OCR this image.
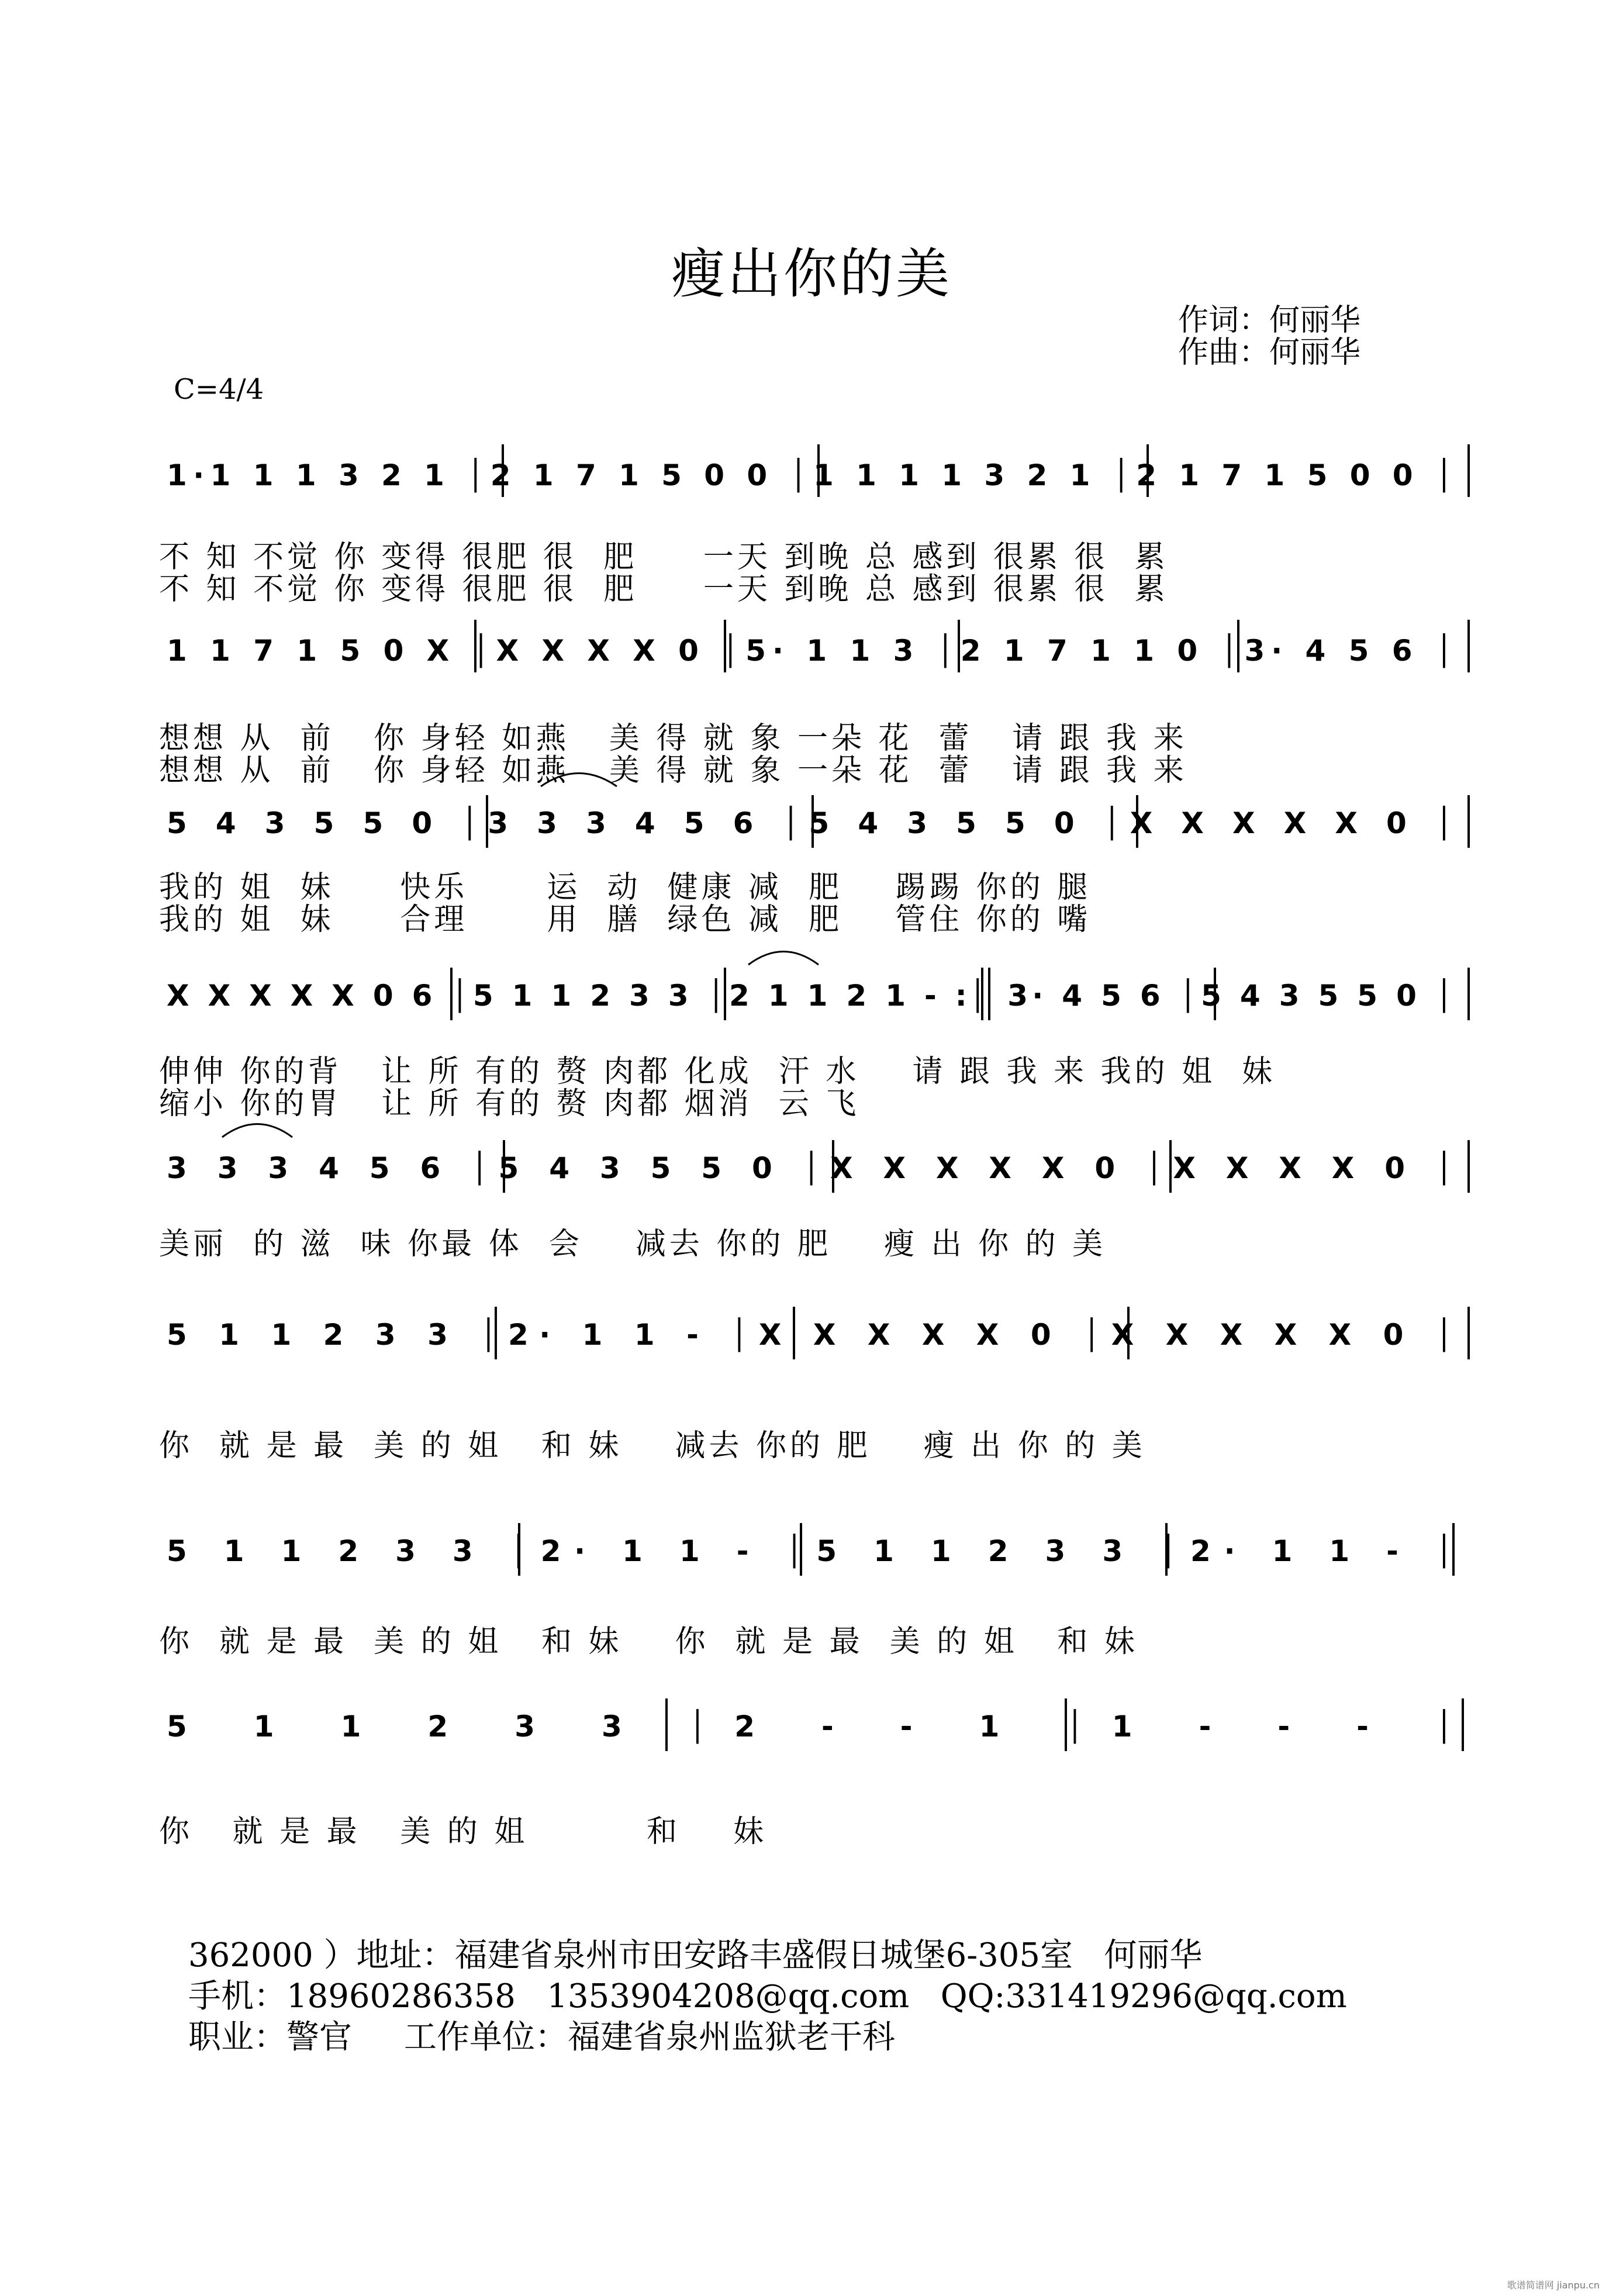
瘦出你的美
作词：何丽华
作曲：何丽华
C=4/4
1·1 1 1 3 2 1 │2 1 7 1 5 0 0 │1 1 1 1 3 2 1 │2 1 7 1 5 0 0 │
1 1 7 1 5 0 X │X X X X 0 │5· 1 1 3 │2 1 7 1 1 0 │3· 4 5 6 │
5 4 3 5 5 0 │3 3 3 4 5 6 │5 4 3 5 5 0 │X X X X X 0 │
X X X X X 0 6 │5 1 1 2 3 3 │2 1 1 2 1 - :║ 3· 4 5 6 │5 4 3 5 5 0 │
3 3 3 4 5 6 │5 4 3 5 5 0 │X X X X X 0 │X X X X 0 │
5 1 1 2 3 3 │2· 1 1 - │X X X X X 0 │X X X X X 0 │
5 1 1 2 3 3 │2· 1 1 - │5 1 1 2 3 3 │2· 1 1 - │
5 1 1 2 3 3 │2 - - 1 │1 - - - │
不 知 不觉 你 变得 很肥 很  肥     一天 到晚 总 感到 很累 很  累
不 知 不觉 你 变得 很肥 很  肥     一天 到晚 总 感到 很累 很  累
想想 从  前   你 身轻 如燕   美 得 就 象 一朵 花  蕾   请 跟 我 来
想想 从  前   你 身轻 如燕   美 得 就 象 一朵 花  蕾   请 跟 我 来
我的 姐  妹     快乐      运  动  健康 减  肥    踢踢 你的 腿
我的 姐  妹     合理      用  膳  绿色 减  肥    管住 你的 嘴
伸伸 你的背   让 所 有的 赘 肉都 化成  汗 水    请 跟 我 来 我的 姐  妹
缩小 你的胃   让 所 有的 赘 肉都 烟消  云 飞
美丽  的 滋  味 你最 体  会    减去 你的 肥    瘦 出 你 的 美
你  就 是 最  美 的 姐   和 妹    减去 你的 肥    瘦 出 你 的 美
你  就 是 最  美 的 姐   和 妹    你  就 是 最  美 的 姐   和 妹
你   就 是 最   美 的 姐         和    妹
362000 ）地址：福建省泉州市田安路丰盛假日城堡6-305室   何丽华
手机：18960286358   1353904208@qq.com   QQ:331419296@qq.com
职业：警官     工作单位：福建省泉州监狱老干科
歌谱简谱网 jianpu.cn
